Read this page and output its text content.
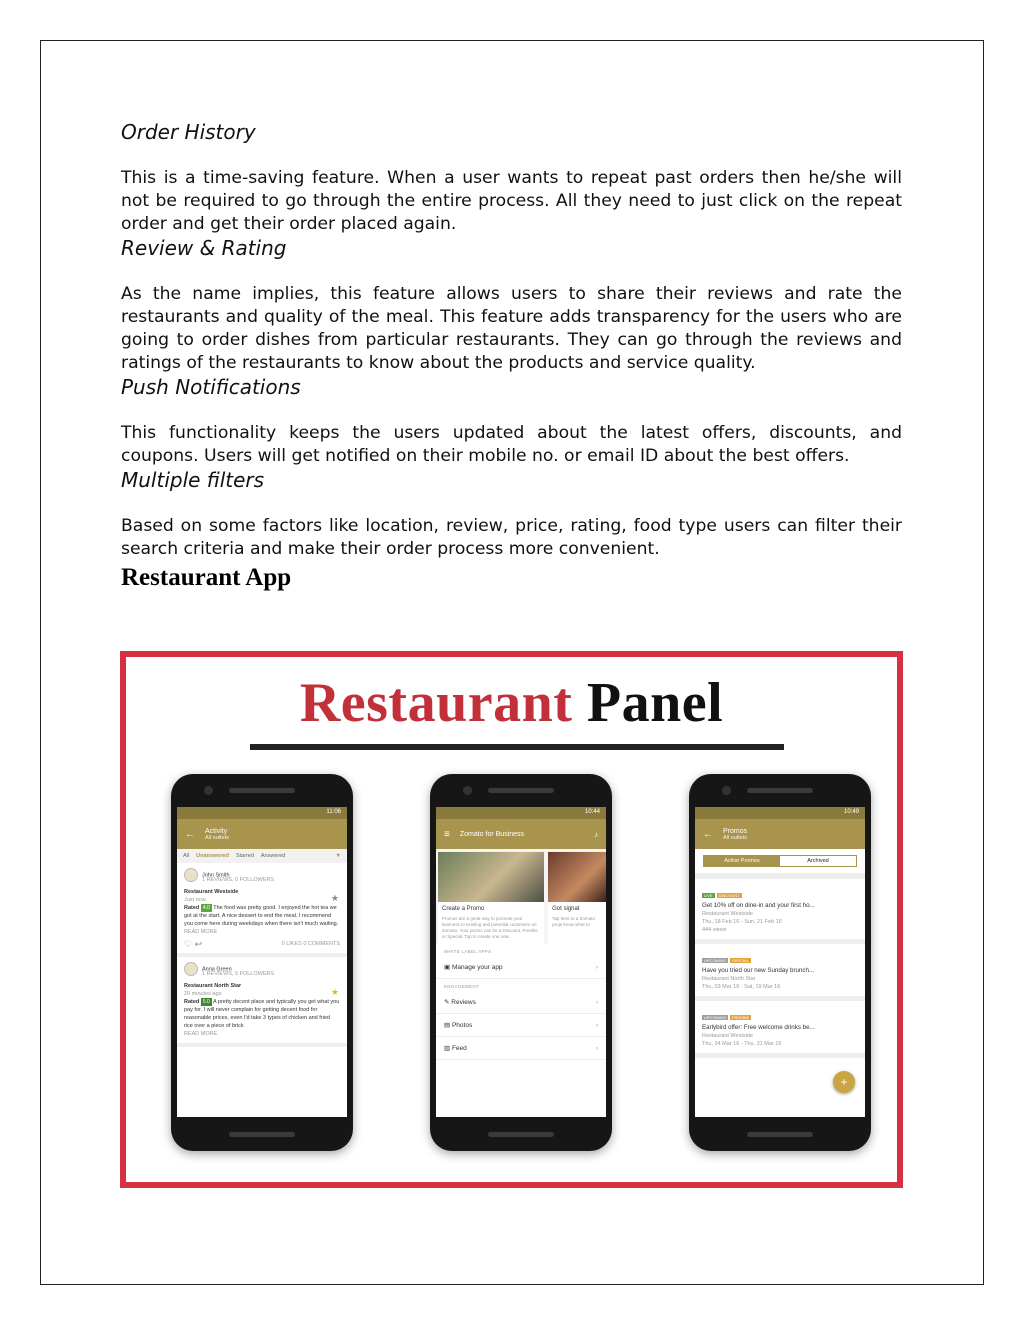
Order History

This is a time-saving feature. When a user wants to repeat past orders then he/she will not be required to go through the entire process. All they need to just click on the repeat order and get their order placed again.

Review & Rating

As the name implies, this feature allows users to share their reviews and rate the restaurants and quality of the meal. This feature adds transparency for the users who are going to order dishes from particular restaurants. They can go through the reviews and ratings of the restaurants to know about the products and service quality.

Push Notifications

This functionality keeps the users updated about the latest offers, discounts, and coupons. Users will get notified on their mobile no. or email ID about the best offers.

Multiple filters

Based on some factors like location, review, price, rating, food type users can filter their search criteria and make their order process more convenient.

Restaurant App
Restaurant Panel
11:06
← Activity
All outlets
All Unanswered Starred Answered	▼
John Smith
1 REVIEWS, 0 FOLLOWERS
Restaurant Westside
★
Just now
Rated 4.0 The food was pretty good. I enjoyed the hot tea we got at the start. A nice dessert to end the meal. I recommend you come here during weekdays when there isn't much waiting.
READ MORE
♡ ↩	0 LIKES 0 COMMENTS
Anna Green
1 REVIEWS, 5 FOLLOWERS
Restaurant North Star
★
20 minutes ago
Rated 5.0 A pretty decent place and typically you get what you pay for. I will never complain for getting decent food for reasonable prices, even I'd take 3 types of chicken and fried rice over a piece of brick
READ MORE
10:44
≡ Zomato for Business	♪
Create a Promo
Promos are a great way to promote your business to existing and potential customers on Zomato. Your promo can be a Discount, Freebie or Special. Tap to create one now.
Got signat
Tap here to a Zomato proje know what to
WHITE LABEL APPS
▣ Manage your app	›
ENGAGEMENT
✎ Reviews	›
▤ Photos	›
▥ Feed	›
10:49
← Promos
All outlets
Active Promos	Archived
LIVE DISCOUNT
Get 10% off on dine-in and your first ho...
Restaurant Westside
Thu, 18 Feb 16 - Sun, 21 Feb 16
444 views
UPCOMING SPECIAL
Have you tried our new Sunday brunch...
Restaurant North Star
Thu, 03 Mar 16 - Sat, 19 Mar 16
UPCOMING FREEBIE
Earlybird offer: Free welcome drinks be...
Restaurant Westside
Thu, 24 Mar 16 - Thu, 31 Mar 16
+
